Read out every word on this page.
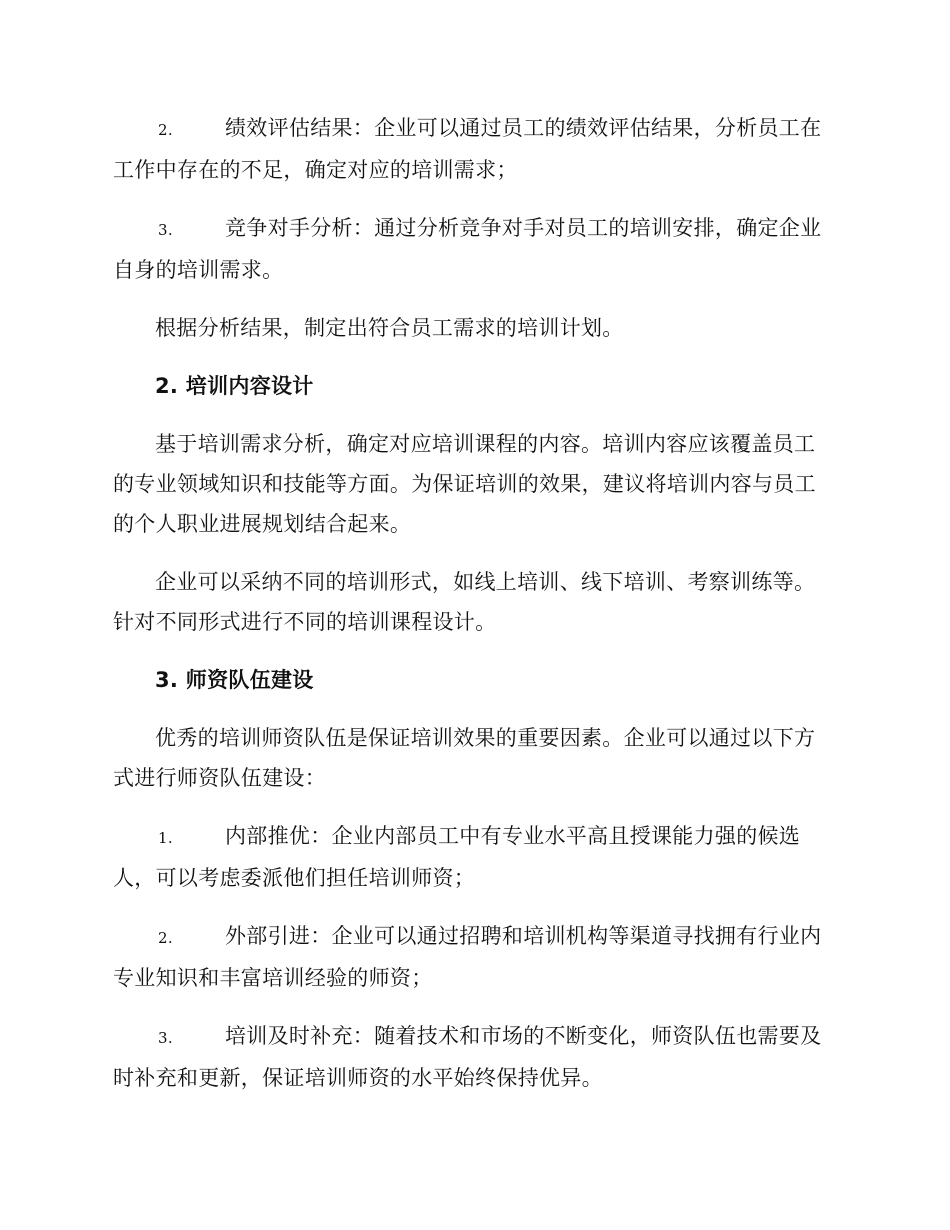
2. 绩效评估结果：企业可以通过员工的绩效评估结果，分析员工在工作中存在的不足，确定对应的培训需求；
3. 竞争对手分析：通过分析竞争对手对员工的培训安排，确定企业自身的培训需求。

根据分析结果，制定出符合员工需求的培训计划。

2. 培训内容设计

基于培训需求分析，确定对应培训课程的内容。培训内容应该覆盖员工的专业领域知识和技能等方面。为保证培训的效果，建议将培训内容与员工的个人职业进展规划结合起来。

企业可以采纳不同的培训形式，如线上培训、线下培训、考察训练等。针对不同形式进行不同的培训课程设计。

3. 师资队伍建设

优秀的培训师资队伍是保证培训效果的重要因素。企业可以通过以下方式进行师资队伍建设：

1. 内部推优：企业内部员工中有专业水平高且授课能力强的候选人，可以考虑委派他们担任培训师资；
2. 外部引进：企业可以通过招聘和培训机构等渠道寻找拥有行业内专业知识和丰富培训经验的师资；
3. 培训及时补充：随着技术和市场的不断变化，师资队伍也需要及时补充和更新，保证培训师资的水平始终保持优异。
